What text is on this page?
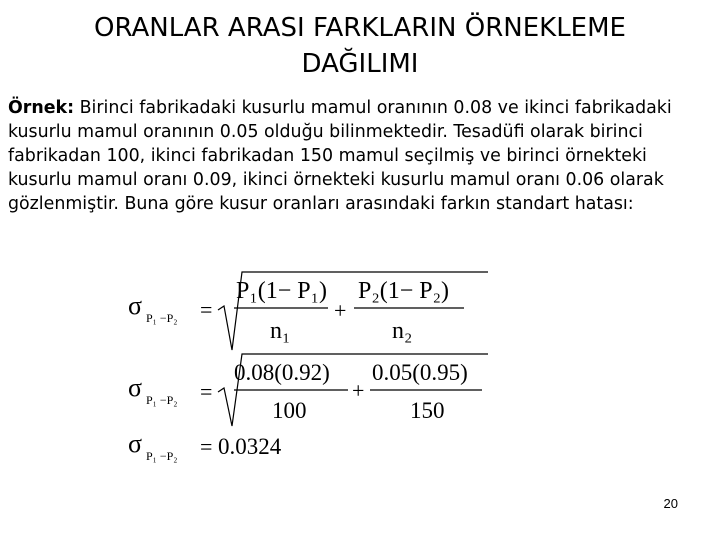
ORANLAR ARASI FARKLARIN ÖRNEKLEME DAĞILIMI
Örnek: Birinci fabrikadaki kusurlu mamul oranının 0.08 ve ikinci fabrikadaki kusurlu mamul oranının 0.05 olduğu bilinmektedir. Tesadüfi olarak birinci fabrikadan 100, ikinci fabrikadan 150 mamul seçilmiş ve birinci örnekteki kusurlu mamul oranı 0.09, ikinci örnekteki kusurlu mamul oranı 0.06 olarak gözlenmiştir. Buna göre kusur oranları arasındaki farkın standart hatası:
σ P₁ −P₂ =
P₁(1− P₁)
n₁
+
P₂(1− P₂)
n₂
σ P₁ −P₂ =
0.08(0.92)
100
+
0.05(0.95)
150
σ P₁ −P₂ = 0.0324
20
